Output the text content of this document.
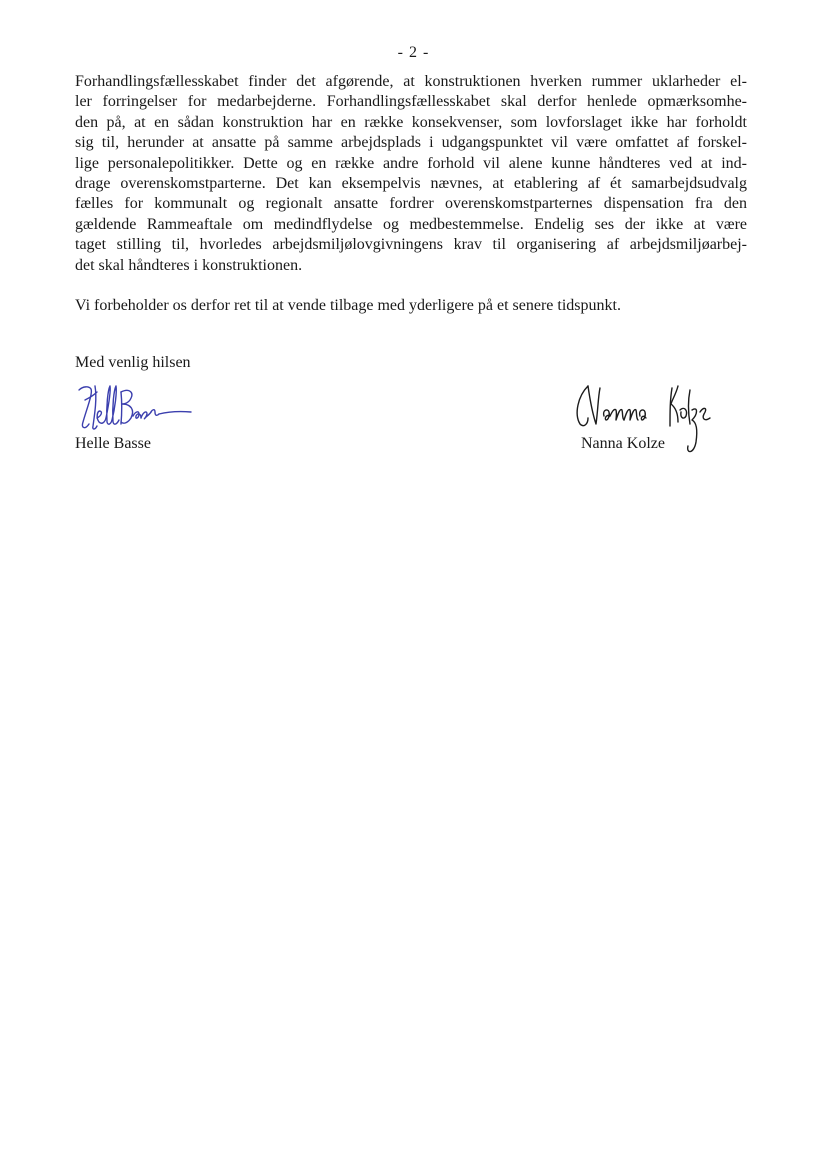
- 2 -
Forhandlingsfællesskabet finder det afgørende, at konstruktionen hverken rummer uklarheder el-
ler forringelser for medarbejderne. Forhandlingsfællesskabet skal derfor henlede opmærksomhe-
den på, at en sådan konstruktion har en række konsekvenser, som lovforslaget ikke har forholdt
sig til, herunder at ansatte på samme arbejdsplads i udgangspunktet vil være omfattet af forskel-
lige personalepolitikker. Dette og en række andre forhold vil alene kunne håndteres ved at ind-
drage overenskomstparterne. Det kan eksempelvis nævnes, at etablering af ét samarbejdsudvalg
fælles for kommunalt og regionalt ansatte fordrer overenskomstparternes dispensation fra den
gældende Rammeaftale om medindflydelse og medbestemmelse. Endelig ses der ikke at være
taget stilling til, hvorledes arbejdsmiljølovgivningens krav til organisering af arbejdsmiljøarbej-
det skal håndteres i konstruktionen.
Vi forbeholder os derfor ret til at vende tilbage med yderligere på et senere tidspunkt.
Med venlig hilsen
Helle Basse	Nanna Kolze
